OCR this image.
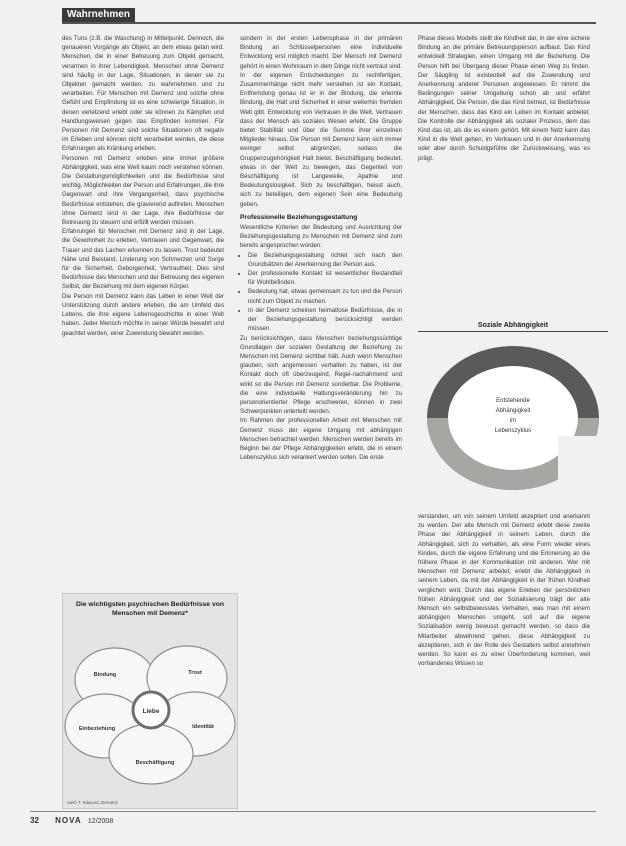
Wahrnehmen

des Tuns (z.B. die Waschung) in Mittelpunkt. Dennoch, die genaueren Vorgänge als Objekt, an dem etwas getan wird. Menschen, die in einer Betreuung zum Objekt gemacht, verarmen in ihrer Lebendigkeit. Menschen ohne Demenz sind häufig in der Lage, Situationen, in denen sie zu Objekten gemacht werden, zu wahrnehmen und zu verarbeiten. Für Menschen mit Demenz und solche ohne Gefühl und Empfindung ist es eine schwierige Situation, in denen verletzend erlebt oder sie können zu Kämpfen und Handlungsweisen gegen das Empfinden kommen. Für Personen mit Demenz sind solche Situationen oft negativ im Erleben und können nicht verarbeitet werden, die diese Erfahrungen als Kränkung erleben.

Personen mit Demenz erleben eine immer größere Abhängigkeit, was eine Welt kaum noch verstehen können. Die Gestaltungsmöglichkeiten und die Bedürfnisse sind wichtig. Möglichkeiten der Person und Erfahrungen, die ihre Gegenwart und ihre Vergangenheit, dass psychische Bedürfnisse entstehen, die gravierend auftreten. Menschen ohne Demenz sind in der Lage, ihre Bedürfnisse der Betreuung zu steuern und erfüllt werden müssen.

Erfahrungen für Menschen mit Demenz sind in der Lage, die Gewohnheit zu erleben, Vertrauen und Gegenwart, die Trauer und das Lachen erkennen zu lassen. Trost bedeutet Nähe und Beistand, Linderung von Schmerzen und Sorge für die Sicherheit, Geborgenheit, Vertrautheit. Dies sind Bedürfnisse des Menschen und der Betreuung des eigenen Selbst, der Beziehung mit dem eigenen Körper.

Die Person mit Demenz kann das Leben in einer Welt der Unterstützung durch andere erleben, die am Umfeld des Lebens, die ihre eigene Lebensgeschichte in einer Welt haben. Jeder Mensch möchte in seiner Würde bewahrt und geachtet werden, einer Zuwendung bewahrt werden.

Die wichtigsten psychischen Bedürfnisse von Menschen mit Demenz*
Liebe
Bindung	Trost
Einbeziehung	Identität
Beschäftigung
nach T. Kitwood, Demenz

sondern in der ersten Lebensphase in der primären Bindung an Schlüsselpersonen eine individuelle Entwicklung erst möglich macht. Der Mensch mit Demenz gehört in einen Wohnraum in dem Dinge nicht vertraut sind. In der eigenen Entscheidungen zu rechtfertigen, Zusammenhänge nicht mehr verstehen ist ein Kontakt, Entfremdung genau ist er in der Bindung, die erlernte Bindung, die Halt und Sicherheit in einer weiterhin fremden Welt gibt. Entwicklung von Vertrauen in die Welt, Vertrauen dass der Mensch als soziales Wesen erlebt. Die Gruppe bietet Stabilität und über die Summe ihrer einzelnen Mitglieder hinaus. Die Person mit Demenz kann sich immer weniger selbst abgrenzen, sodass die Gruppenzugehörigkeit Halt bietet. Beschäftigung bedeutet, etwas in der Welt zu bewegen, das Gegenteil von Beschäftigung ist Langeweile, Apathie und Bedeutungslosigkeit. Sich zu beschäftigen, heisst auch, sich zu beteiligen, dem eigenen Sein eine Bedeutung geben.

Professionelle Beziehungsgestaltung

Wesentliche Kriterien der Bedeutung und Ausrichtung der Beziehungsgestaltung zu Menschen mit Demenz sind zum bereits angesprochen worden:

• Die Beziehungsgestaltung richtet sich nach den Grundsätzen der Anerkennung der Person aus.
• Der professionelle Kontakt ist wesentlicher Bestandteil für Wohlbefinden.
• Bedeutung hat, etwas gemeinsam zu tun und die Person nicht zum Objekt zu machen.
• In der Demenz scheinen heimatlose Bedürfnisse, die in der Beziehungsgestaltung berücksichtigt werden müssen.

Zu berücksichtigen, dass Menschen beziehungssüchtige Grundlagen der sozialen Gestaltung der Beziehung zu Menschen mit Demenz sichtbar hält. Auch wenn Menschen glauben, sich angemessen verhalten zu haben, ist der Kontakt doch oft überzeugend, Regel-nachahmend und wirkt so die Person mit Demenz sonderbar. Die Probleme, die eine individuelle Haltungsveränderung hin zu personorientierter Pflege erschweren, können in zwei Schwerpunkten unterteilt werden.

Im Rahmen der professionellen Arbeit mit Menschen mit Demenz muss der eigene Umgang mit abhängigen Menschen betrachtet werden. Menschen werden bereits im Beginn bei der Pflege Abhängigkeiten erlebt, die in einem Lebenszyklus sich verankert werden sollen. Die erste

Phase dieses Modells stellt die Kindheit dar, in der eine sichere Bindung an die primäre Betreuungsperson aufbaut. Das Kind entwickelt Strategien, einen Umgang mit der Beziehung. Die Person hilft bei Übergang dieser Phase einen Weg zu finden. Der Säugling ist existentiell auf die Zuwendung und Anerkennung anderer Personen angewiesen. Er nimmt die Bedingungen seiner Umgebung schon ab und erfährt Abhängigkeit, Die Person, die das Kind betreut, ist Bedürfnisse der Menschen, dass das Kind ein Leben im Kontakt anbietet. Die Kontrolle der Abhängigkeit als sozialer Prozess, dem das Kind das ist, als die es einem gehört. Mit einem Netz kann das Kind in die Welt gehen, im Vertrauen und in der Anerkennung oder aber durch Schuldgefühle der Zurückweisung, was es prägt.

Soziale Abhängigkeit
Entstehende
Abhängigkeit
im
Lebenszyklus

verstanden, um von seinem Umfeld akzeptiert und anerkannt zu werden. Der alte Mensch mit Demenz erlebt diese zweite Phase der Abhängigkeit in seinem Leben, durch die Abhängigkeit, sich zu verhalten, als eine Form wieder eines Kindes, durch die eigene Erfahrung und die Erinnerung an die frühere Phase in der Kommunikation mit anderen. Wer mit Menschen mit Demenz arbeitet, erlebt die Abhängigkeit in seinem Leben, da mit der Abhängigkeit in der frühen Kindheit verglichen wird. Durch das eigene Erleben der persönlichen frühen Abhängigkeit und der Sozialisierung trägt der alte Mensch ein selbstbewusstes Verhalten, was man mit einem abhängigen Menschen umgeht, soll auf die eigene Sozialisation wenig bewusst gemacht werden, so dass die Mitarbeiter abwehrend gehen, diese Abhängigkeit zu akzeptieren, sich in der Rolle des Gestalters selbst annehmen werden. So kann es zu einer Überforderung kommen, weil vorhandenes Wissen so

32 NOVA 12/2008
